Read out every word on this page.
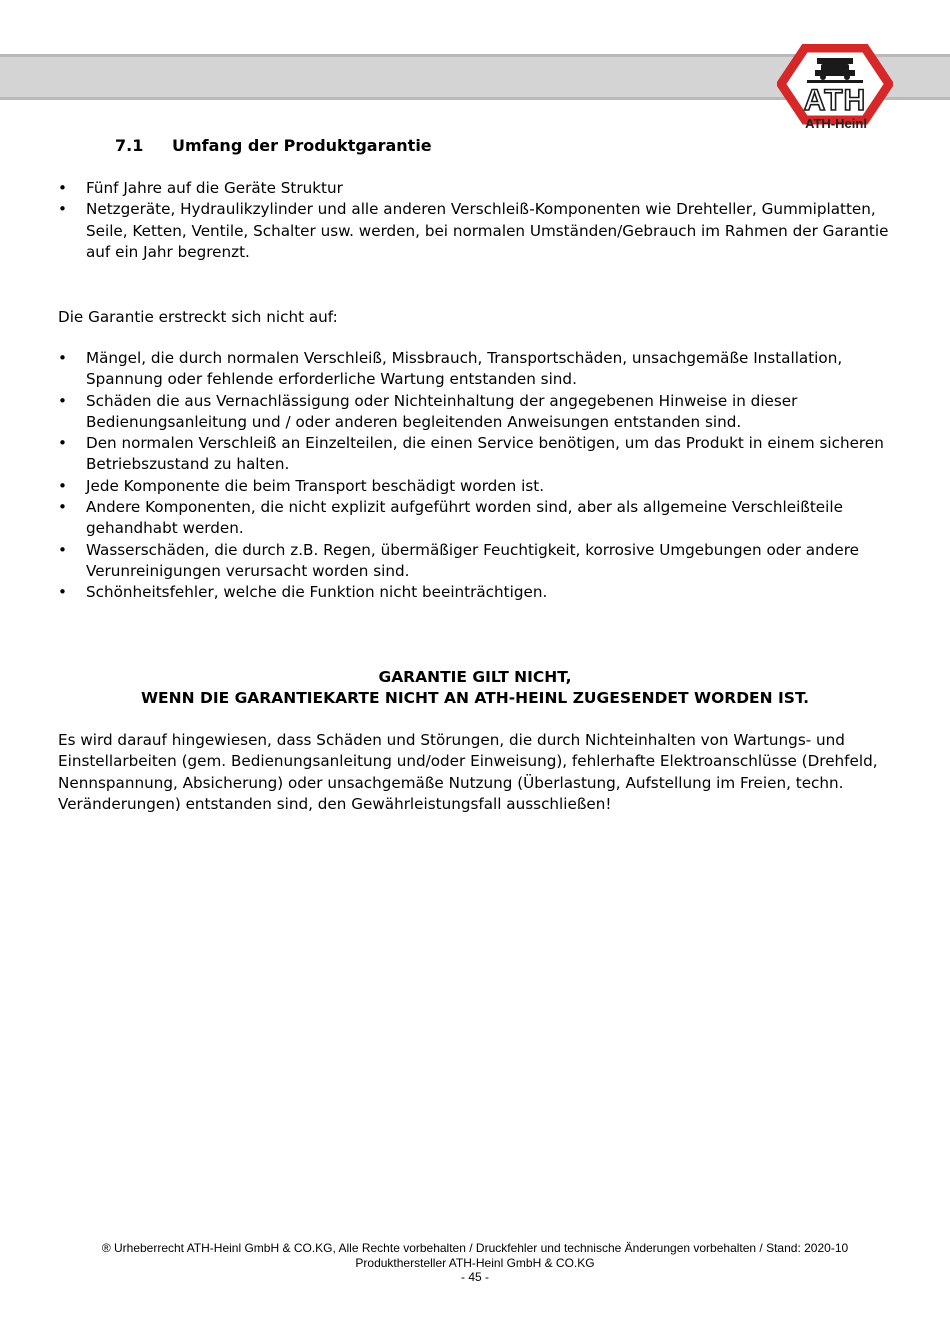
ATH
ATH-Heinl
7.1 Umfang der Produktgarantie
•	Fünf Jahre auf die Geräte Struktur
•	Netzgeräte, Hydraulikzylinder und alle anderen Verschleiß-Komponenten wie Drehteller, Gummiplatten, Seile, Ketten, Ventile, Schalter usw. werden, bei normalen Umständen/Gebrauch im Rahmen der Garantie auf ein Jahr begrenzt.
Die Garantie erstreckt sich nicht auf:
•	Mängel, die durch normalen Verschleiß, Missbrauch, Transportschäden, unsachgemäße Installation, Spannung oder fehlende erforderliche Wartung entstanden sind.
•	Schäden die aus Vernachlässigung oder Nichteinhaltung der angegebenen Hinweise in dieser Bedienungsanleitung und / oder anderen begleitenden Anweisungen entstanden sind.
•	Den normalen Verschleiß an Einzelteilen, die einen Service benötigen, um das Produkt in einem sicheren Betriebszustand zu halten.
•	Jede Komponente die beim Transport beschädigt worden ist.
•	Andere Komponenten, die nicht explizit aufgeführt worden sind, aber als allgemeine Verschleißteile gehandhabt werden.
•	Wasserschäden, die durch z.B. Regen, übermäßiger Feuchtigkeit, korrosive Umgebungen oder andere Verunreinigungen verursacht worden sind.
•	Schönheitsfehler, welche die Funktion nicht beeinträchtigen.
GARANTIE GILT NICHT,
WENN DIE GARANTIEKARTE NICHT AN ATH-HEINL ZUGESENDET WORDEN IST.
Es wird darauf hingewiesen, dass Schäden und Störungen, die durch Nichteinhalten von Wartungs- und Einstellarbeiten (gem. Bedienungsanleitung und/oder Einweisung), fehlerhafte Elektroanschlüsse (Drehfeld, Nennspannung, Absicherung) oder unsachgemäße Nutzung (Überlastung, Aufstellung im Freien, techn. Veränderungen) entstanden sind, den Gewährleistungsfall ausschließen!
® Urheberrecht ATH-Heinl GmbH & CO.KG, Alle Rechte vorbehalten / Druckfehler und technische Änderungen vorbehalten / Stand: 2020-10
Produkthersteller ATH-Heinl GmbH & CO.KG
- 45 -
